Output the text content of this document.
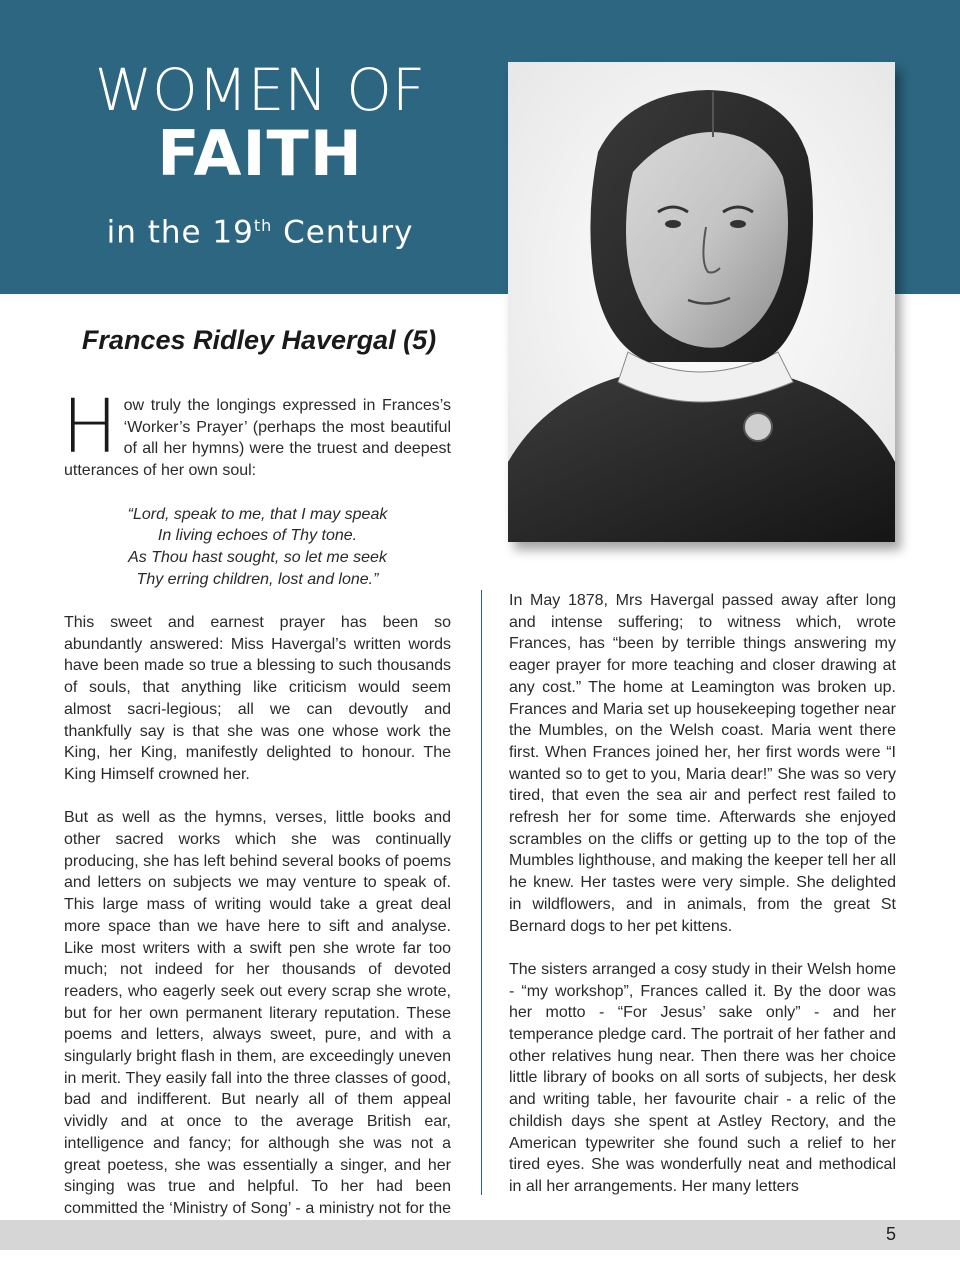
WOMEN OF
FAITH
in the 19th Century
Frances Ridley Havergal (5)

How truly the longings expressed in Frances’s ‘Worker’s Prayer’ (perhaps the most beautiful of all her hymns) were the truest and deepest utterances of her own soul:

“Lord, speak to me, that I may speak
In living echoes of Thy tone.
As Thou hast sought, so let me seek
Thy erring children, lost and lone.”

This sweet and earnest prayer has been so abundantly answered: Miss Havergal’s written words have been made so true a blessing to such thousands of souls, that anything like criticism would seem almost sacri-legious; all we can devoutly and thankfully say is that she was one whose work the King, her King, manifestly delighted to honour. The King Himself crowned her.

But as well as the hymns, verses, little books and other sacred works which she was continually producing, she has left behind several books of poems and letters on subjects we may venture to speak of. This large mass of writing would take a great deal more space than we have here to sift and analyse. Like most writers with a swift pen she wrote far too much; not indeed for her thousands of devoted readers, who eagerly seek out every scrap she wrote, but for her own permanent literary reputation. These poems and letters, always sweet, pure, and with a singularly bright flash in them, are exceedingly uneven in merit. They easily fall into the three classes of good, bad and indifferent. But nearly all of them appeal vividly and at once to the average British ear, intelligence and fancy; for although she was not a great poetess, she was essentially a singer, and her singing was true and helpful. To her had been committed the ‘Ministry of Song’ - a ministry not for the

In May 1878, Mrs Havergal passed away after long and intense suffering; to witness which, wrote Frances, has “been by terrible things answering my eager prayer for more teaching and closer drawing at any cost.” The home at Leamington was broken up. Frances and Maria set up housekeeping together near the Mumbles, on the Welsh coast. Maria went there first. When Frances joined her, her first words were “I wanted so to get to you, Maria dear!” She was so very tired, that even the sea air and perfect rest failed to refresh her for some time. Afterwards she enjoyed scrambles on the cliffs or getting up to the top of the Mumbles lighthouse, and making the keeper tell her all he knew. Her tastes were very simple. She delighted in wildflowers, and in animals, from the great St Bernard dogs to her pet kittens.

The sisters arranged a cosy study in their Welsh home - “my workshop”, Frances called it. By the door was her motto - “For Jesus’ sake only” - and her temperance pledge card. The portrait of her father and other relatives hung near. Then there was her choice little library of books on all sorts of subjects, her desk and writing table, her favourite chair - a relic of the childish days she spent at Astley Rectory, and the American typewriter she found such a relief to her tired eyes. She was wonderfully neat and methodical in all her arrangements. Her many letters

5
